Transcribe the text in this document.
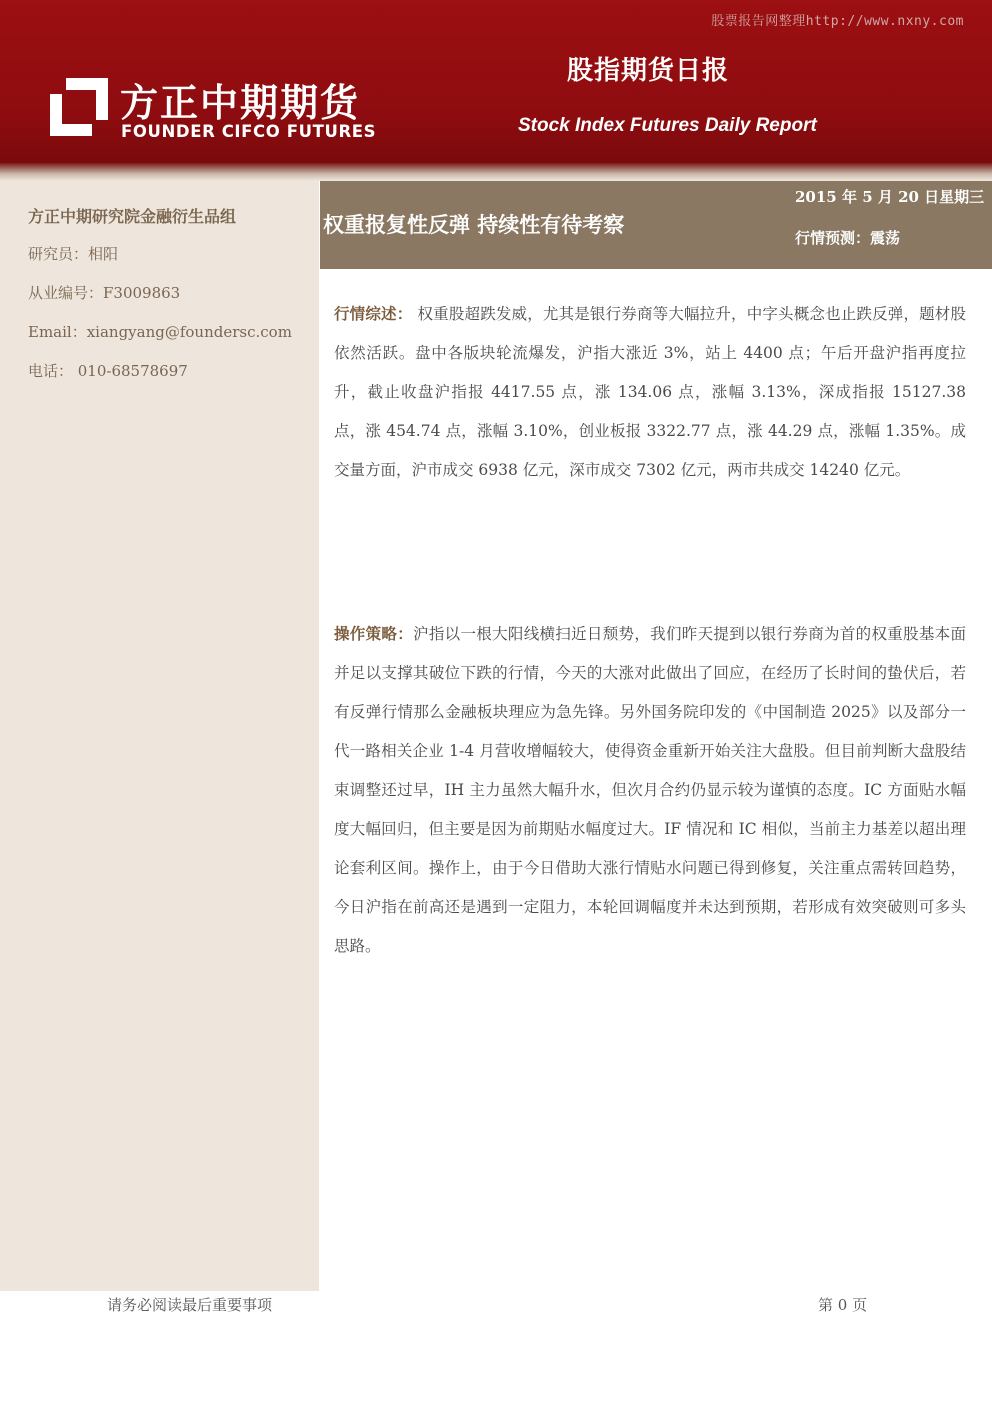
股票报告网整理http://www.nxny.com
方正中期期货
FOUNDER CIFCO FUTURES
股指期货日报
Stock Index Futures Daily Report
方正中期研究院金融衍生品组
研究员：相阳
从业编号：F3009863
Email：xiangyang@foundersc.com
电话： 010-68578697
权重报复性反弹 持续性有待考察
2015 年 5 月 20 日星期三
行情预测：震荡
行情综述： 权重股超跌发威，尤其是银行券商等大幅拉升，中字头概念也止跌反弹，题材股依然活跃。盘中各版块轮流爆发，沪指大涨近 3%，站上 4400 点；午后开盘沪指再度拉升，截止收盘沪指报 4417.55 点，涨 134.06 点，涨幅 3.13%，深成指报 15127.38 点，涨 454.74 点，涨幅 3.10%，创业板报 3322.77 点，涨 44.29 点，涨幅 1.35%。成交量方面，沪市成交 6938 亿元，深市成交 7302 亿元，两市共成交 14240 亿元。
操作策略：沪指以一根大阳线横扫近日颓势，我们昨天提到以银行券商为首的权重股基本面并足以支撑其破位下跌的行情，今天的大涨对此做出了回应，在经历了长时间的蛰伏后，若有反弹行情那么金融板块理应为急先锋。另外国务院印发的《中国制造 2025》以及部分一代一路相关企业 1-4 月营收增幅较大，使得资金重新开始关注大盘股。但目前判断大盘股结束调整还过早，IH 主力虽然大幅升水，但次月合约仍显示较为谨慎的态度。IC 方面贴水幅度大幅回归，但主要是因为前期贴水幅度过大。IF 情况和 IC 相似，当前主力基差以超出理论套利区间。操作上，由于今日借助大涨行情贴水问题已得到修复，关注重点需转回趋势，今日沪指在前高还是遇到一定阻力，本轮回调幅度并未达到预期，若形成有效突破则可多头思路。
请务必阅读最后重要事项	第 0 页
